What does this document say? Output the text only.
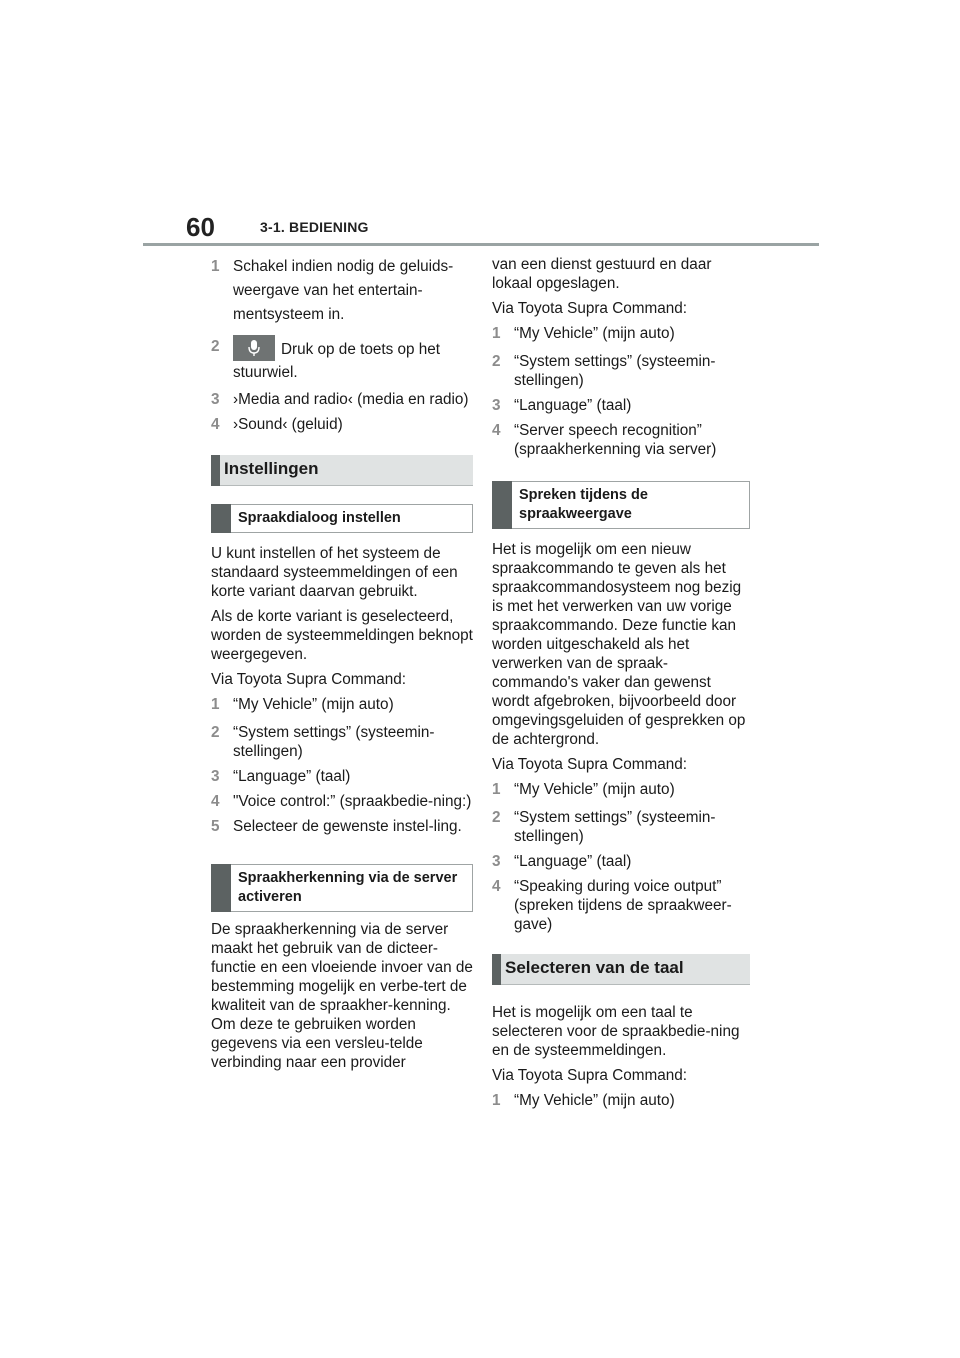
60	3-1. BEDIENING
1 Schakel indien nodig de geluids-weergave van het entertain-mentsysteem in.
2	Druk op de toets op het stuurwiel.
3 ›Media and radio‹ (media en radio)
4 ›Sound‹ (geluid)
Instellingen
Spraakdialoog instellen

U kunt instellen of het systeem de standaard systeemmeldingen of een korte variant daarvan gebruikt.

Als de korte variant is geselecteerd, worden de systeemmeldingen beknopt weergegeven.

Via Toyota Supra Command:

1 “My Vehicle” (mijn auto)
2 “System settings” (systeemin-stellingen)
3 “Language” (taal)
4 "Voice control:” (spraakbedie-ning:)
5 Selecteer de gewenste instel-ling.
Spraakherkenning via de server activeren

De spraakherkenning via de server maakt het gebruik van de dicteer-functie en een vloeiende invoer van de bestemming mogelijk en verbe-tert de kwaliteit van de spraakher-kenning. Om deze te gebruiken worden gegevens via een versleu-telde verbinding naar een provider

van een dienst gestuurd en daar lokaal opgeslagen.

Via Toyota Supra Command:

1 “My Vehicle” (mijn auto)
2 “System settings” (systeemin-stellingen)
3 “Language” (taal)
4 “Server speech recognition” (spraakherkenning via server)
Spreken tijdens de spraakweergave

Het is mogelijk om een nieuw spraakcommando te geven als het spraakcommandosysteem nog bezig is met het verwerken van uw vorige spraakcommando. Deze functie kan worden uitgeschakeld als het verwerken van de spraak-commando's vaker dan gewenst wordt afgebroken, bijvoorbeeld door omgevingsgeluiden of gesprekken op de achtergrond.

Via Toyota Supra Command:

1 “My Vehicle” (mijn auto)
2 “System settings” (systeemin-stellingen)
3 “Language” (taal)
4 “Speaking during voice output” (spreken tijdens de spraakweer-gave)
Selecteren van de taal

Het is mogelijk om een taal te selecteren voor de spraakbedie-ning en de systeemmeldingen.

Via Toyota Supra Command:

1 “My Vehicle” (mijn auto)
